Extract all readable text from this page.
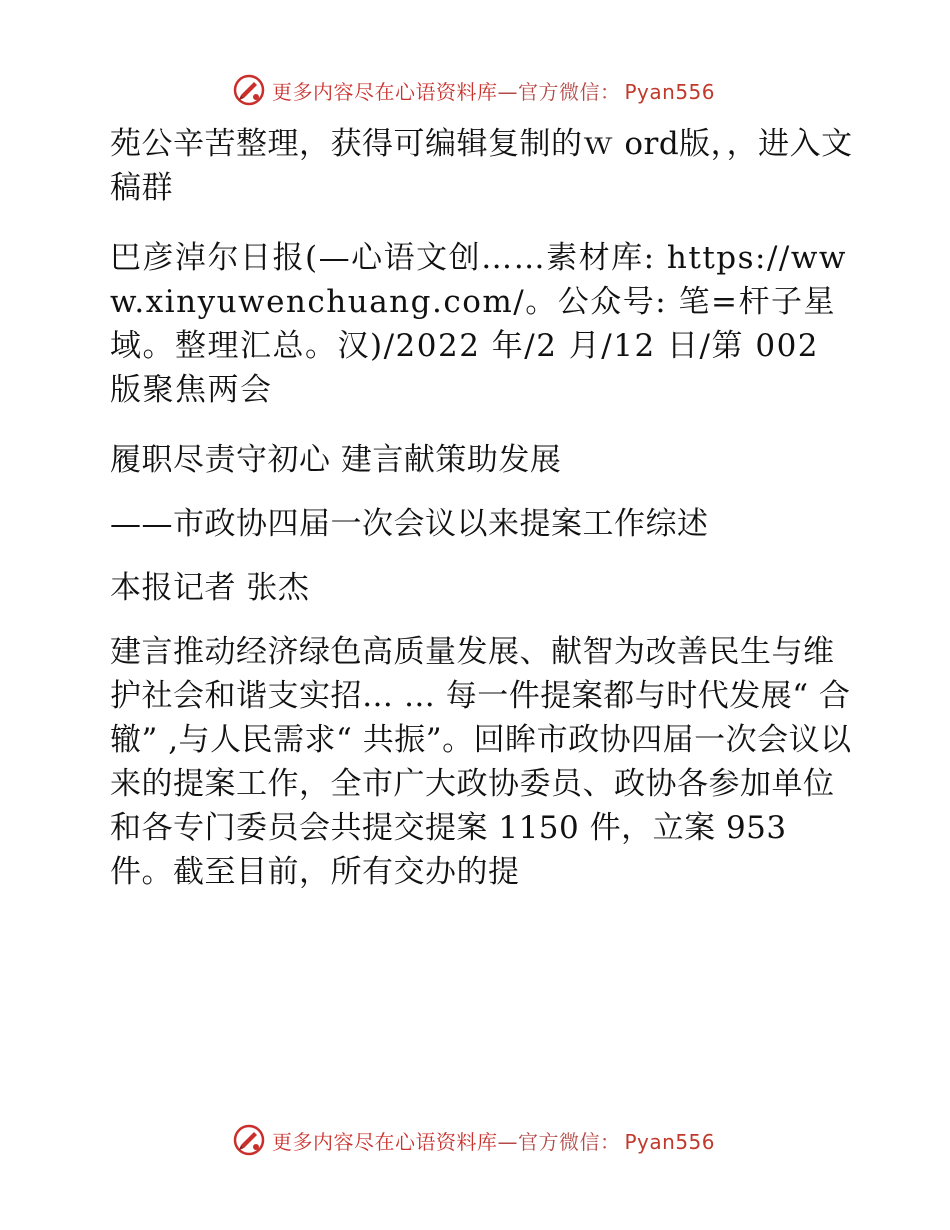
更多内容尽在心语资料库—官方微信： Pyan556

苑公辛苦整理，获得可编辑复制的ｗ ord版，，进入文稿群

巴彦淖尔日报(—心语文创……素材库: https://www.xinyuwenchuang.com/。公众号: 笔=杆子星域。整理汇总。汉)/2022 年/2 月/12 日/第 002 版聚焦两会

履职尽责守初心 建言献策助发展

——市政协四届一次会议以来提案工作综述

本报记者 张杰

建言推动经济绿色高质量发展、献智为改善民生与维护社会和谐支实招… … 每一件提案都与时代发展“ 合辙” ,与人民需求“ 共振”。回眸市政协四届一次会议以来的提案工作，全市广大政协委员、政协各参加单位和各专门委员会共提交提案 1150 件，立案 953 件。截至目前，所有交办的提

更多内容尽在心语资料库—官方微信： Pyan556
